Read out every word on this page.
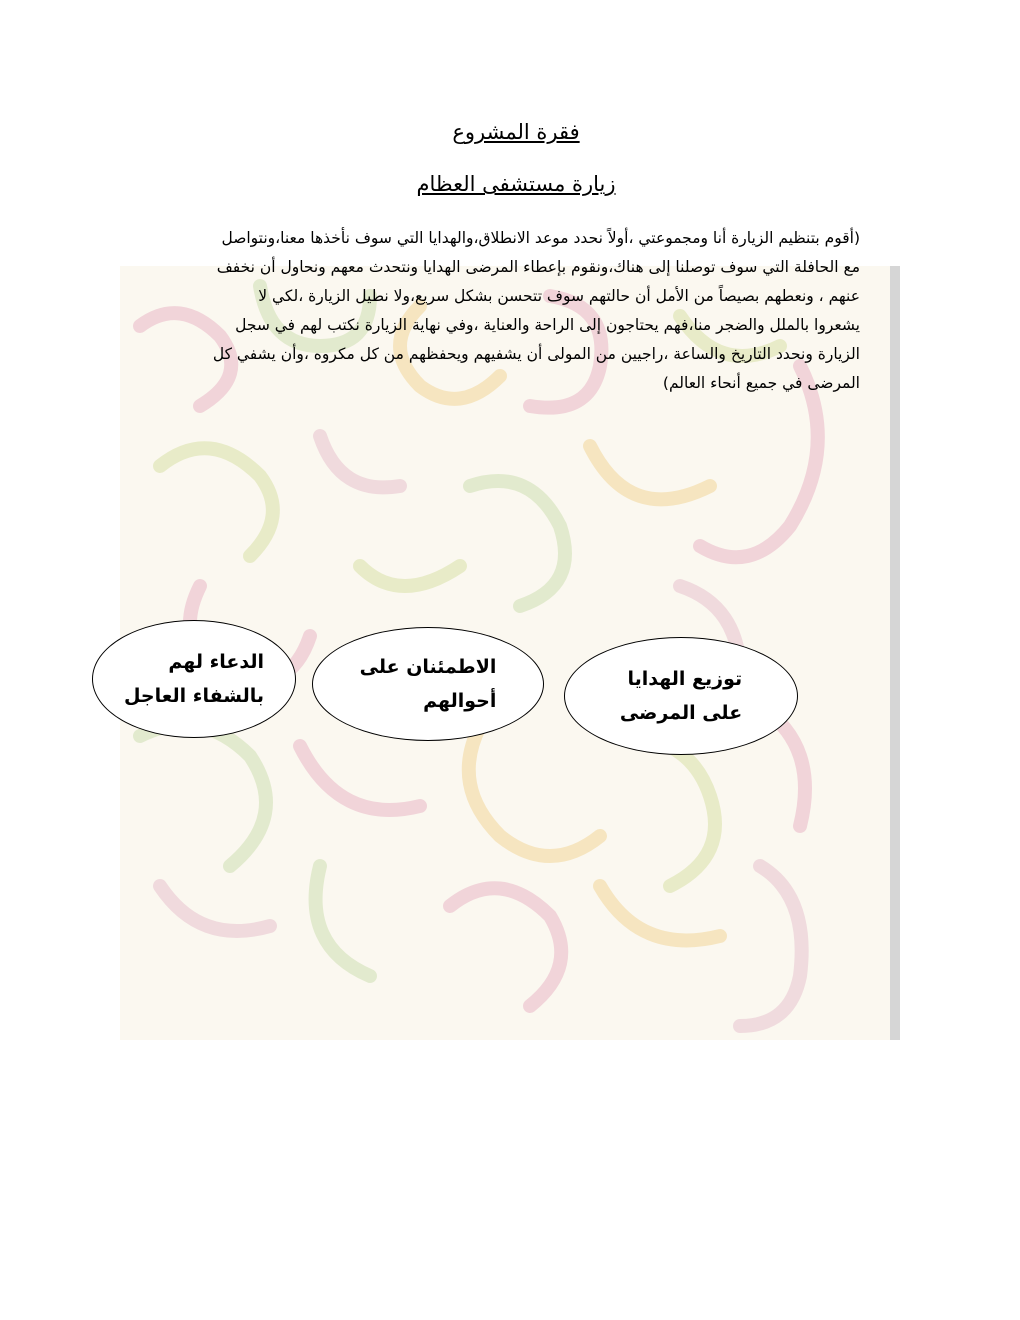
فقرة المشروع
زيارة مستشفى العظام
(أقوم بتنظيم الزيارة أنا ومجموعتي ،أولاً نحدد موعد الانطلاق،والهدايا التي سوف نأخذها معنا،ونتواصل
مع الحافلة التي سوف توصلنا إلى هناك،ونقوم بإعطاء المرضى الهدايا ونتحدث معهم ونحاول أن نخفف
عنهم ، ونعطهم بصيصاً من الأمل أن حالتهم سوف تتحسن بشكل سريع،ولا نطيل الزيارة ،لكي لا
يشعروا بالملل والضجر منا،فهم يحتاجون إلى الراحة والعناية ،وفي نهاية الزيارة نكتب لهم في سجل
الزيارة ونحدد التاريخ والساعة ،راجيين من المولى أن يشفيهم ويحفظهم من كل مكروه ،وأن يشفي كل
المرضى في جميع أنحاء العالم)
توزيع الهدايا
على المرضى
الاطمئنان على
أحوالهم
الدعاء لهم
بالشفاء العاجل
